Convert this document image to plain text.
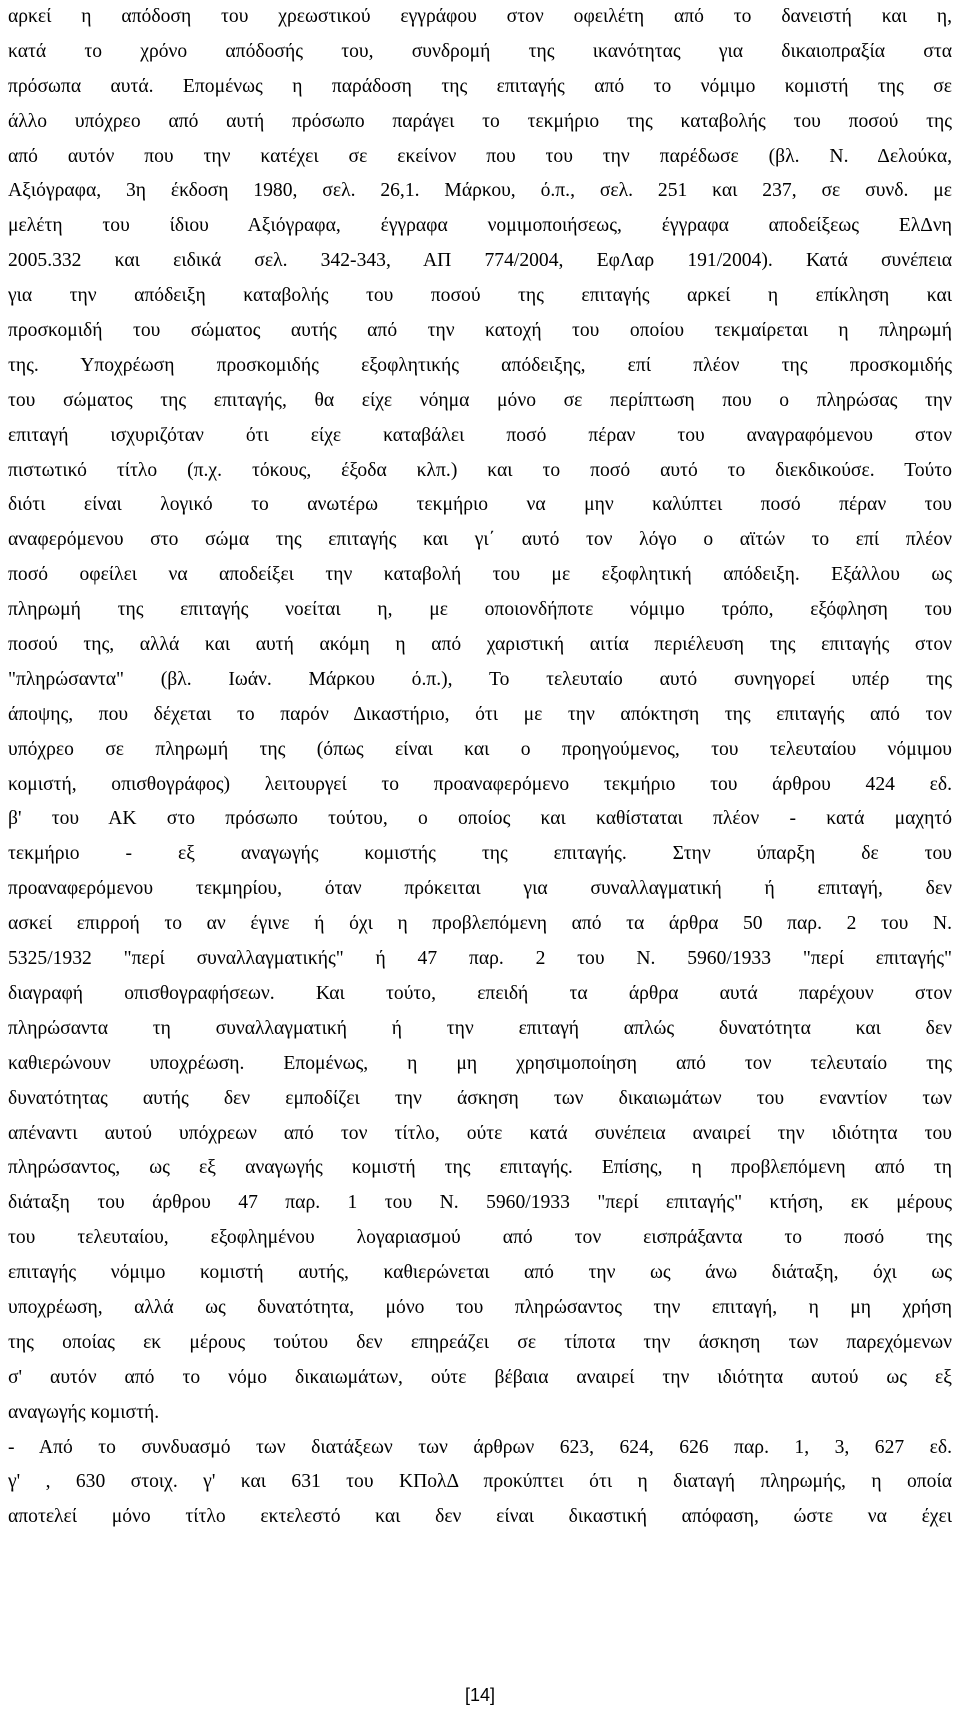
αρκεί η απόδοση του χρεωστικού εγγράφου στον οφειλέτη από το δανειστή και η,
κατά το χρόνο απόδοσής του, συνδρομή της ικανότητας για δικαιοπραξία στα
πρόσωπα αυτά. Επομένως η παράδοση της επιταγής από το νόμιμο κομιστή της σε
άλλο υπόχρεο από αυτή πρόσωπο παράγει το τεκμήριο της καταβολής του ποσού της
από αυτόν που την κατέχει σε εκείνον που του την παρέδωσε (βλ. Ν. Δελούκα,
Αξιόγραφα, 3η έκδοση 1980, σελ. 26,1. Μάρκου, ό.π., σελ. 251 και 237, σε συνδ. με
μελέτη του ίδιου Αξιόγραφα, έγγραφα νομιμοποιήσεως, έγγραφα αποδείξεως ΕλΔνη
2005.332 και ειδικά σελ. 342-343, ΑΠ 774/2004, ΕφΛαρ 191/2004). Κατά συνέπεια
για την απόδειξη καταβολής του ποσού της επιταγής αρκεί η επίκληση και
προσκομιδή του σώματος αυτής από την κατοχή του οποίου τεκμαίρεται η πληρωμή
της. Υποχρέωση προσκομιδής εξοφλητικής απόδειξης, επί πλέον της προσκομιδής
του σώματος της επιταγής, θα είχε νόημα μόνο σε περίπτωση που ο πληρώσας την
επιταγή ισχυριζόταν ότι είχε καταβάλει ποσό πέραν του αναγραφόμενου στον
πιστωτικό τίτλο (π.χ. τόκους, έξοδα κλπ.) και το ποσό αυτό το διεκδικούσε. Τούτο
διότι είναι λογικό το ανωτέρω τεκμήριο να μην καλύπτει ποσό πέραν του
αναφερόμενου στο σώμα της επιταγής και γι΄ αυτό τον λόγο ο αϊτών το επί πλέον
ποσό οφείλει να αποδείξει την καταβολή του με εξοφλητική απόδειξη. Εξάλλου ως
πληρωμή της επιταγής νοείται η, με οποιονδήποτε νόμιμο τρόπο, εξόφληση του
ποσού της, αλλά και αυτή ακόμη η από χαριστική αιτία περιέλευση της επιταγής στον
"πληρώσαντα" (βλ. Ιωάν. Μάρκου ό.π.), Το τελευταίο αυτό συνηγορεί υπέρ της
άποψης, που δέχεται το παρόν Δικαστήριο, ότι με την απόκτηση της επιταγής από τον
υπόχρεο σε πληρωμή της (όπως είναι και ο προηγούμενος, του τελευταίου νόμιμου
κομιστή, οπισθογράφος) λειτουργεί το προαναφερόμενο τεκμήριο του άρθρου 424 εδ.
β' του ΑΚ στο πρόσωπο τούτου, ο οποίος και καθίσταται πλέον - κατά μαχητό
τεκμήριο - εξ αναγωγής κομιστής της επιταγής. Στην ύπαρξη δε του
προαναφερόμενου τεκμηρίου, όταν πρόκειται για συναλλαγματική ή επιταγή, δεν
ασκεί επιρροή το αν έγινε ή όχι η προβλεπόμενη από τα άρθρα 50 παρ. 2 του Ν.
5325/1932 "περί συναλλαγματικής" ή 47 παρ. 2 του Ν. 5960/1933 "περί επιταγής"
διαγραφή οπισθογραφήσεων. Και τούτο, επειδή τα άρθρα αυτά παρέχουν στον
πληρώσαντα τη συναλλαγματική ή την επιταγή απλώς δυνατότητα και δεν
καθιερώνουν υποχρέωση. Επομένως, η μη χρησιμοποίηση από τον τελευταίο της
δυνατότητας αυτής δεν εμποδίζει την άσκηση των δικαιωμάτων του εναντίον των
απέναντι αυτού υπόχρεων από τον τίτλο, ούτε κατά συνέπεια αναιρεί την ιδιότητα του
πληρώσαντος, ως εξ αναγωγής κομιστή της επιταγής. Επίσης, η προβλεπόμενη από τη
διάταξη του άρθρου 47 παρ. 1 του Ν. 5960/1933 "περί επιταγής" κτήση, εκ μέρους
του τελευταίου, εξοφλημένου λογαριασμού από τον εισπράξαντα το ποσό της
επιταγής νόμιμο κομιστή αυτής, καθιερώνεται από την ως άνω διάταξη, όχι ως
υποχρέωση, αλλά ως δυνατότητα, μόνο του πληρώσαντος την επιταγή, η μη χρήση
της οποίας εκ μέρους τούτου δεν επηρεάζει σε τίποτα την άσκηση των παρεχόμενων
σ' αυτόν από το νόμο δικαιωμάτων, ούτε βέβαια αναιρεί την ιδιότητα αυτού ως εξ
αναγωγής κομιστή.
- Από το συνδυασμό των διατάξεων των άρθρων 623, 624, 626 παρ. 1, 3, 627 εδ.
γ' , 630 στοιχ. γ' και 631 του ΚΠολΔ προκύπτει ότι η διαταγή πληρωμής, η οποία
αποτελεί μόνο τίτλο εκτελεστό και δεν είναι δικαστική απόφαση, ώστε να έχει
[14]
